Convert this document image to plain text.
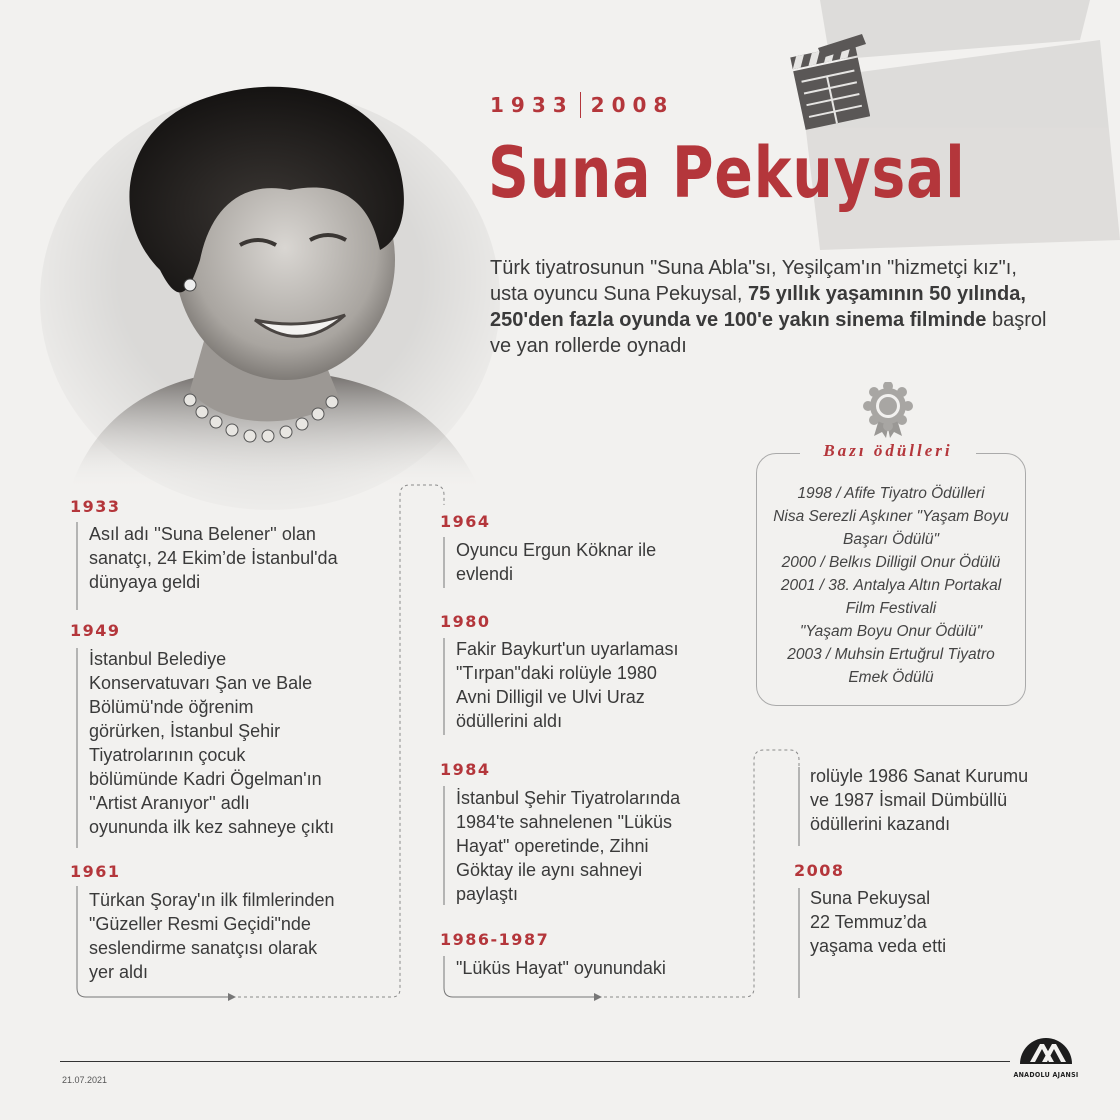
1933 2008
Suna Pekuysal
Türk tiyatrosunun "Suna Abla"sı, Yeşilçam'ın "hizmetçi kız"ı, usta oyuncu Suna Pekuysal, 75 yıllık yaşamının 50 yılında, 250'den fazla oyunda ve 100'e yakın sinema filminde başrol ve yan rollerde oynadı
Bazı ödülleri
1998 / Afife Tiyatro Ödülleri
Nisa Serezli Aşkıner "Yaşam Boyu
Başarı Ödülü"
2000 / Belkıs Dilligil Onur Ödülü
2001 / 38. Antalya Altın Portakal
Film Festivali
"Yaşam Boyu Onur Ödülü"
2003 / Muhsin Ertuğrul Tiyatro
Emek Ödülü
1933
Asıl adı ''Suna Belener'' olan
sanatçı, 24 Ekim’de İstanbul'da
dünyaya geldi
1949
İstanbul Belediye
Konservatuvarı Şan ve Bale
Bölümü'nde öğrenim
görürken, İstanbul Şehir
Tiyatrolarının çocuk
bölümünde Kadri Ögelman'ın
''Artist Aranıyor'' adlı
oyununda ilk kez sahneye çıktı
1961
Türkan Şoray'ın ilk filmlerinden
"Güzeller Resmi Geçidi"nde
seslendirme sanatçısı olarak
yer aldı
1964
Oyuncu Ergun Köknar ile
evlendi
1980
Fakir Baykurt'un uyarlaması
"Tırpan"daki rolüyle 1980
Avni Dilligil ve Ulvi Uraz
ödüllerini aldı
1984
İstanbul Şehir Tiyatrolarında
1984'te sahnelenen "Lüküs
Hayat" operetinde, Zihni
Göktay ile aynı sahneyi
paylaştı
1986-1987
"Lüküs Hayat" oyunundaki
rolüyle 1986 Sanat Kurumu
ve 1987 İsmail Dümbüllü
ödüllerini kazandı
2008
Suna Pekuysal
22 Temmuz’da
yaşama veda etti
21.07.2021	ANADOLU AJANSI
